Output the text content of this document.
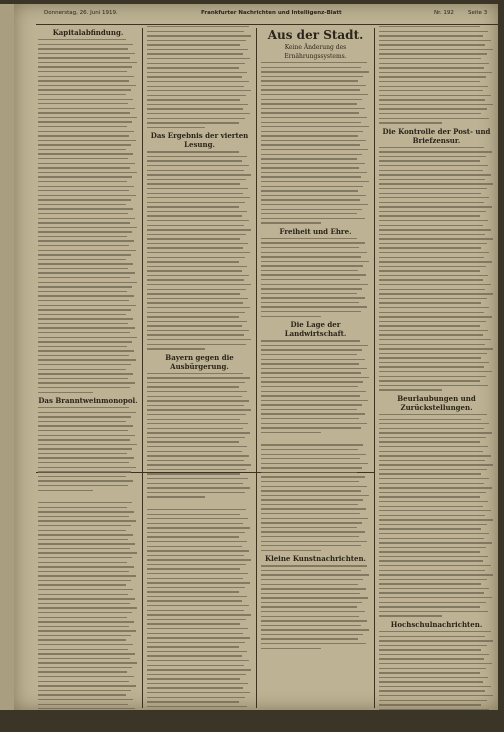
Donnerstag, 26. Juni 1919.	Frankfurter Nachrichten und Intelligenz-Blatt	Nr. 192	Seite 3
Kapitalabfindung.
Das Branntweinmonopol.
Das Ergebnis der vierten Lesung.
Bayern gegen die Ausbürgerung.
Aus der Stadt.
Keine Änderung des
Ernährungssystems.
Freiheit und Ehre.
Die Lage der Landwirtschaft.
Kleine Kunstnachrichten.
Die Kontrolle der Post- und Briefzensur.
Beurlaubungen und Zurückstellungen.
Hochschulnachrichten.
